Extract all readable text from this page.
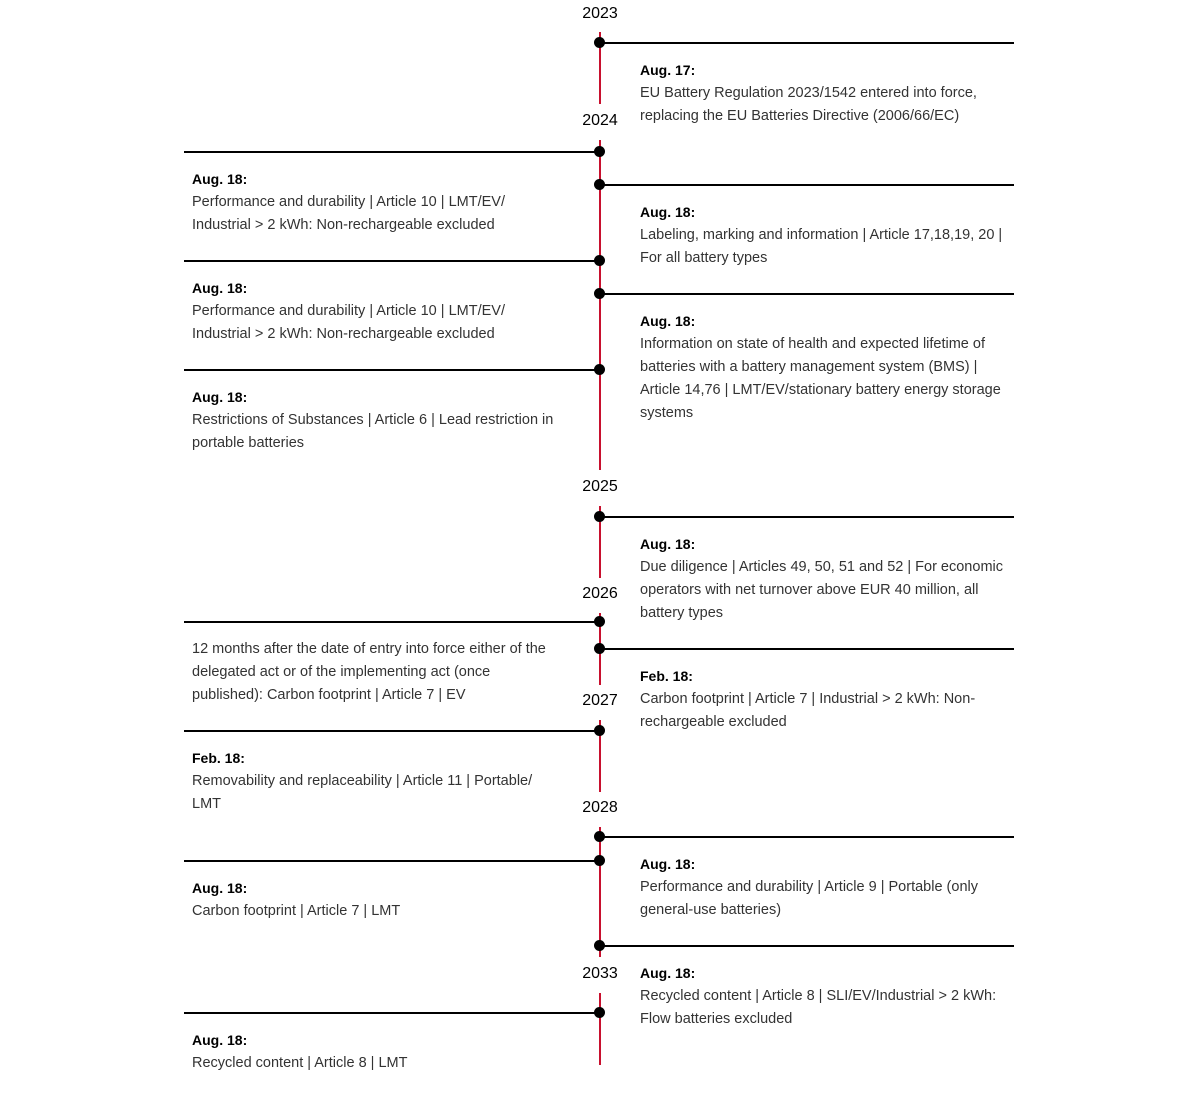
2023
2024
2025
2026
2027
2028
2033
Aug. 17:
EU Battery Regulation 2023/1542 entered into force, replacing the EU Batteries Directive (2006/66/EC)
Aug. 18:
Performance and durability | Article 10 | LMT/EV/ Industrial > 2 kWh: Non-rechargeable excluded
Aug. 18:
Labeling, marking and information | Article 17,18,19, 20 | For all battery types
Aug. 18:
Performance and durability | Article 10 | LMT/EV/ Industrial > 2 kWh: Non-rechargeable excluded
Aug. 18:
Information on state of health and expected lifetime of batteries with a battery management system (BMS) | Article 14,76 | LMT/EV/stationary battery energy storage systems
Aug. 18:
Restrictions of Substances | Article 6 | Lead restriction in portable batteries
Aug. 18:
Due diligence | Articles 49, 50, 51 and 52 | For economic operators with net turnover above EUR 40 million, all battery types
12 months after the date of entry into force either of the delegated act or of the implementing act (once published): Carbon footprint | Article 7 | EV
Feb. 18:
Carbon footprint | Article 7 | Industrial > 2 kWh: Non-rechargeable excluded
Feb. 18:
Removability and replaceability | Article 11 | Portable/ LMT
Aug. 18:
Performance and durability | Article 9 | Portable (only general-use batteries)
Aug. 18:
Carbon footprint | Article 7 | LMT
Aug. 18:
Recycled content | Article 8 | SLI/EV/Industrial > 2 kWh: Flow batteries excluded
Aug. 18:
Recycled content | Article 8 | LMT
